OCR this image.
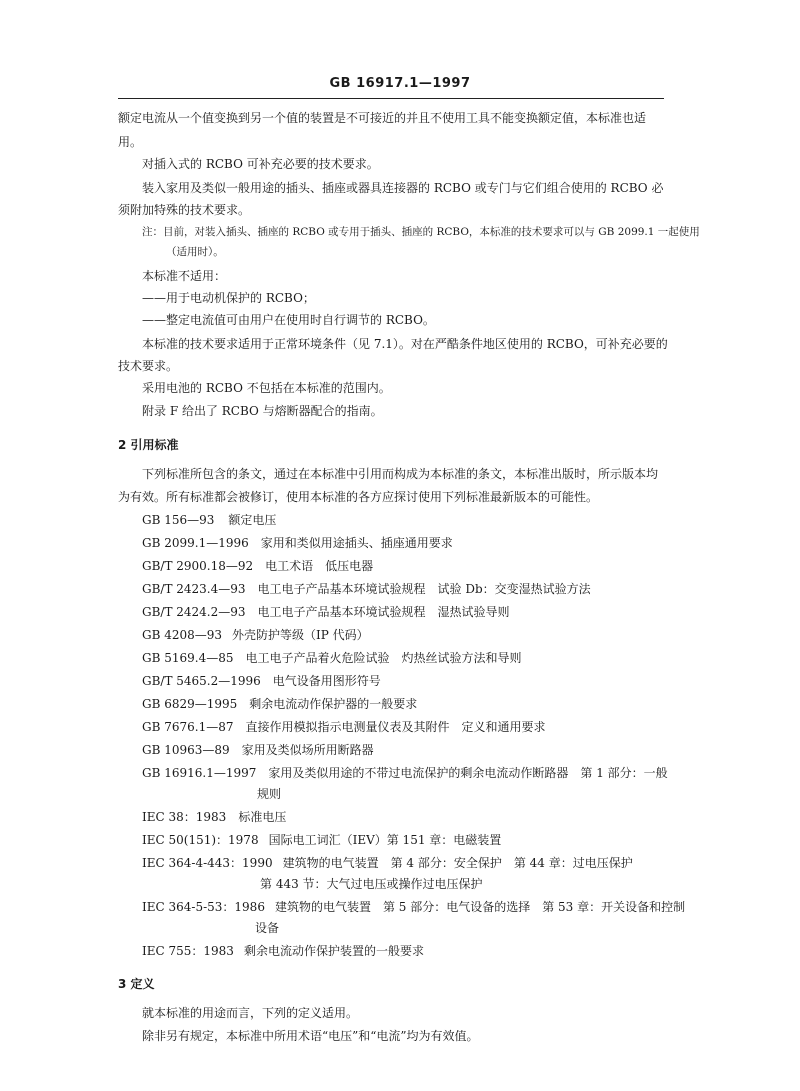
GB 16917.1—1997
额定电流从一个值变换到另一个值的装置是不可接近的并且不使用工具不能变换额定值，本标准也适
用。
对插入式的 RCBO 可补充必要的技术要求。
装入家用及类似一般用途的插头、插座或器具连接器的 RCBO 或专门与它们组合使用的 RCBO 必
须附加特殊的技术要求。
注：目前，对装入插头、插座的 RCBO 或专用于插头、插座的 RCBO，本标准的技术要求可以与 GB 2099.1 一起使用
（适用时）。
本标准不适用：
——用于电动机保护的 RCBO；
——整定电流值可由用户在使用时自行调节的 RCBO。
本标准的技术要求适用于正常环境条件（见 7.1）。对在严酷条件地区使用的 RCBO，可补充必要的
技术要求。
采用电池的 RCBO 不包括在本标准的范围内。
附录 F 给出了 RCBO 与熔断器配合的指南。
2 引用标准
下列标准所包含的条文，通过在本标准中引用而构成为本标准的条文，本标准出版时，所示版本均
为有效。所有标准都会被修订，使用本标准的各方应探讨使用下列标准最新版本的可能性。
GB 156—93 额定电压
GB 2099.1—1996 家用和类似用途插头、插座通用要求
GB/T 2900.18—92 电工术语　低压电器
GB/T 2423.4—93 电工电子产品基本环境试验规程　试验 Db：交变湿热试验方法
GB/T 2424.2—93 电工电子产品基本环境试验规程　湿热试验导则
GB 4208—93 外壳防护等级（IP 代码）
GB 5169.4—85 电工电子产品着火危险试验　灼热丝试验方法和导则
GB/T 5465.2—1996 电气设备用图形符号
GB 6829—1995 剩余电流动作保护器的一般要求
GB 7676.1—87 直接作用模拟指示电测量仪表及其附件　定义和通用要求
GB 10963—89 家用及类似场所用断路器
GB 16916.1—1997 家用及类似用途的不带过电流保护的剩余电流动作断路器　第 1 部分：一般
规则
IEC 38：1983 标准电压
IEC 50(151)：1978 国际电工词汇（IEV）第 151 章：电磁装置
IEC 364-4-443：1990 建筑物的电气装置　第 4 部分：安全保护　第 44 章：过电压保护
第 443 节：大气过电压或操作过电压保护
IEC 364-5-53：1986 建筑物的电气装置　第 5 部分：电气设备的选择　第 53 章：开关设备和控制
设备
IEC 755：1983 剩余电流动作保护装置的一般要求
3 定义
就本标准的用途而言，下列的定义适用。
除非另有规定，本标准中所用术语“电压”和“电流”均为有效值。
